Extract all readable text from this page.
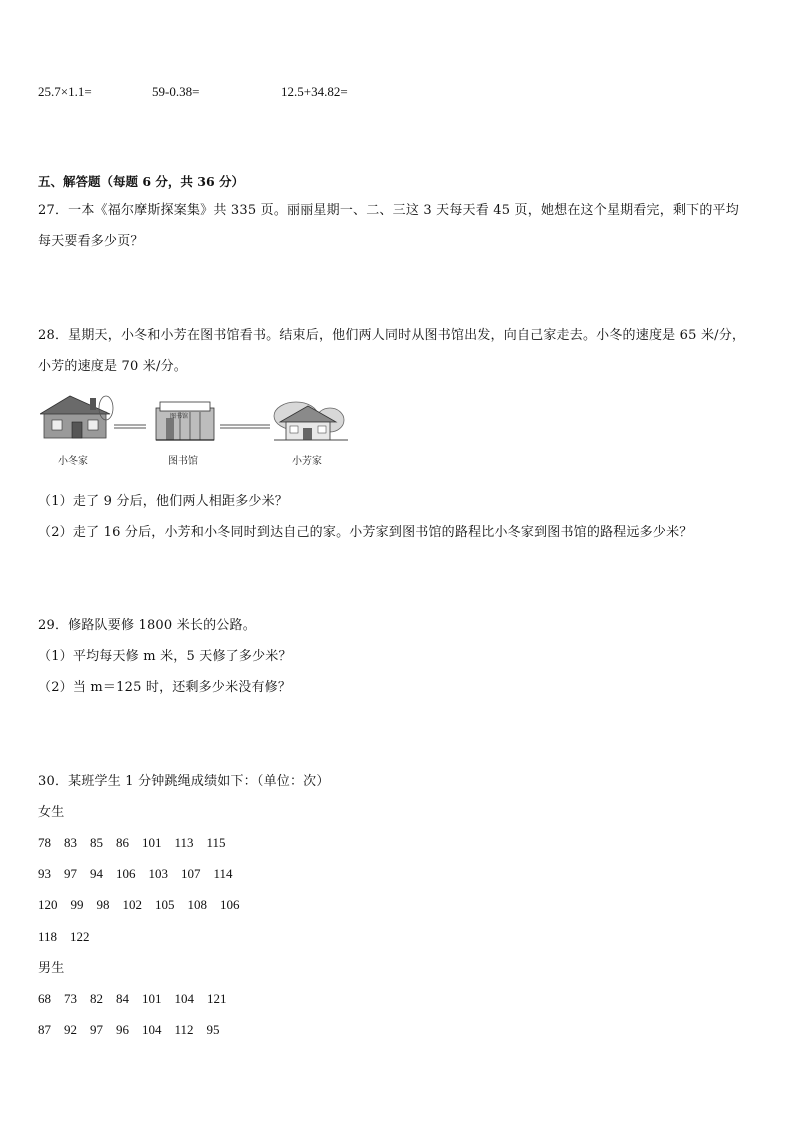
25.7×1.1=	59-0.38=	12.5+34.82=
五、解答题（每题 6 分，共 36 分）
27．一本《福尔摩斯探案集》共 335 页。丽丽星期一、二、三这 3 天每天看 45 页，她想在这个星期看完，剩下的平均
每天要看多少页？
28．星期天，小冬和小芳在图书馆看书。结束后，他们两人同时从图书馆出发，向自己家走去。小冬的速度是 65 米/分，
小芳的速度是 70 米/分。
图书馆
小冬家	图书馆	小芳家
（1）走了 9 分后，他们两人相距多少米？
（2）走了 16 分后，小芳和小冬同时到达自己的家。小芳家到图书馆的路程比小冬家到图书馆的路程远多少米？
29．修路队要修 1800 米长的公路。
（1）平均每天修 m 米，5 天修了多少米？
（2）当 m＝125 时，还剩多少米没有修？
30．某班学生 1 分钟跳绳成绩如下：（单位：次）
女生
78　83　85　86　101　113　115
93　97　94　106　103　107　114
120　99　98　102　105　108　106
118　122
男生
68　73　82　84　101　104　121
87　92　97　96　104　112　95
